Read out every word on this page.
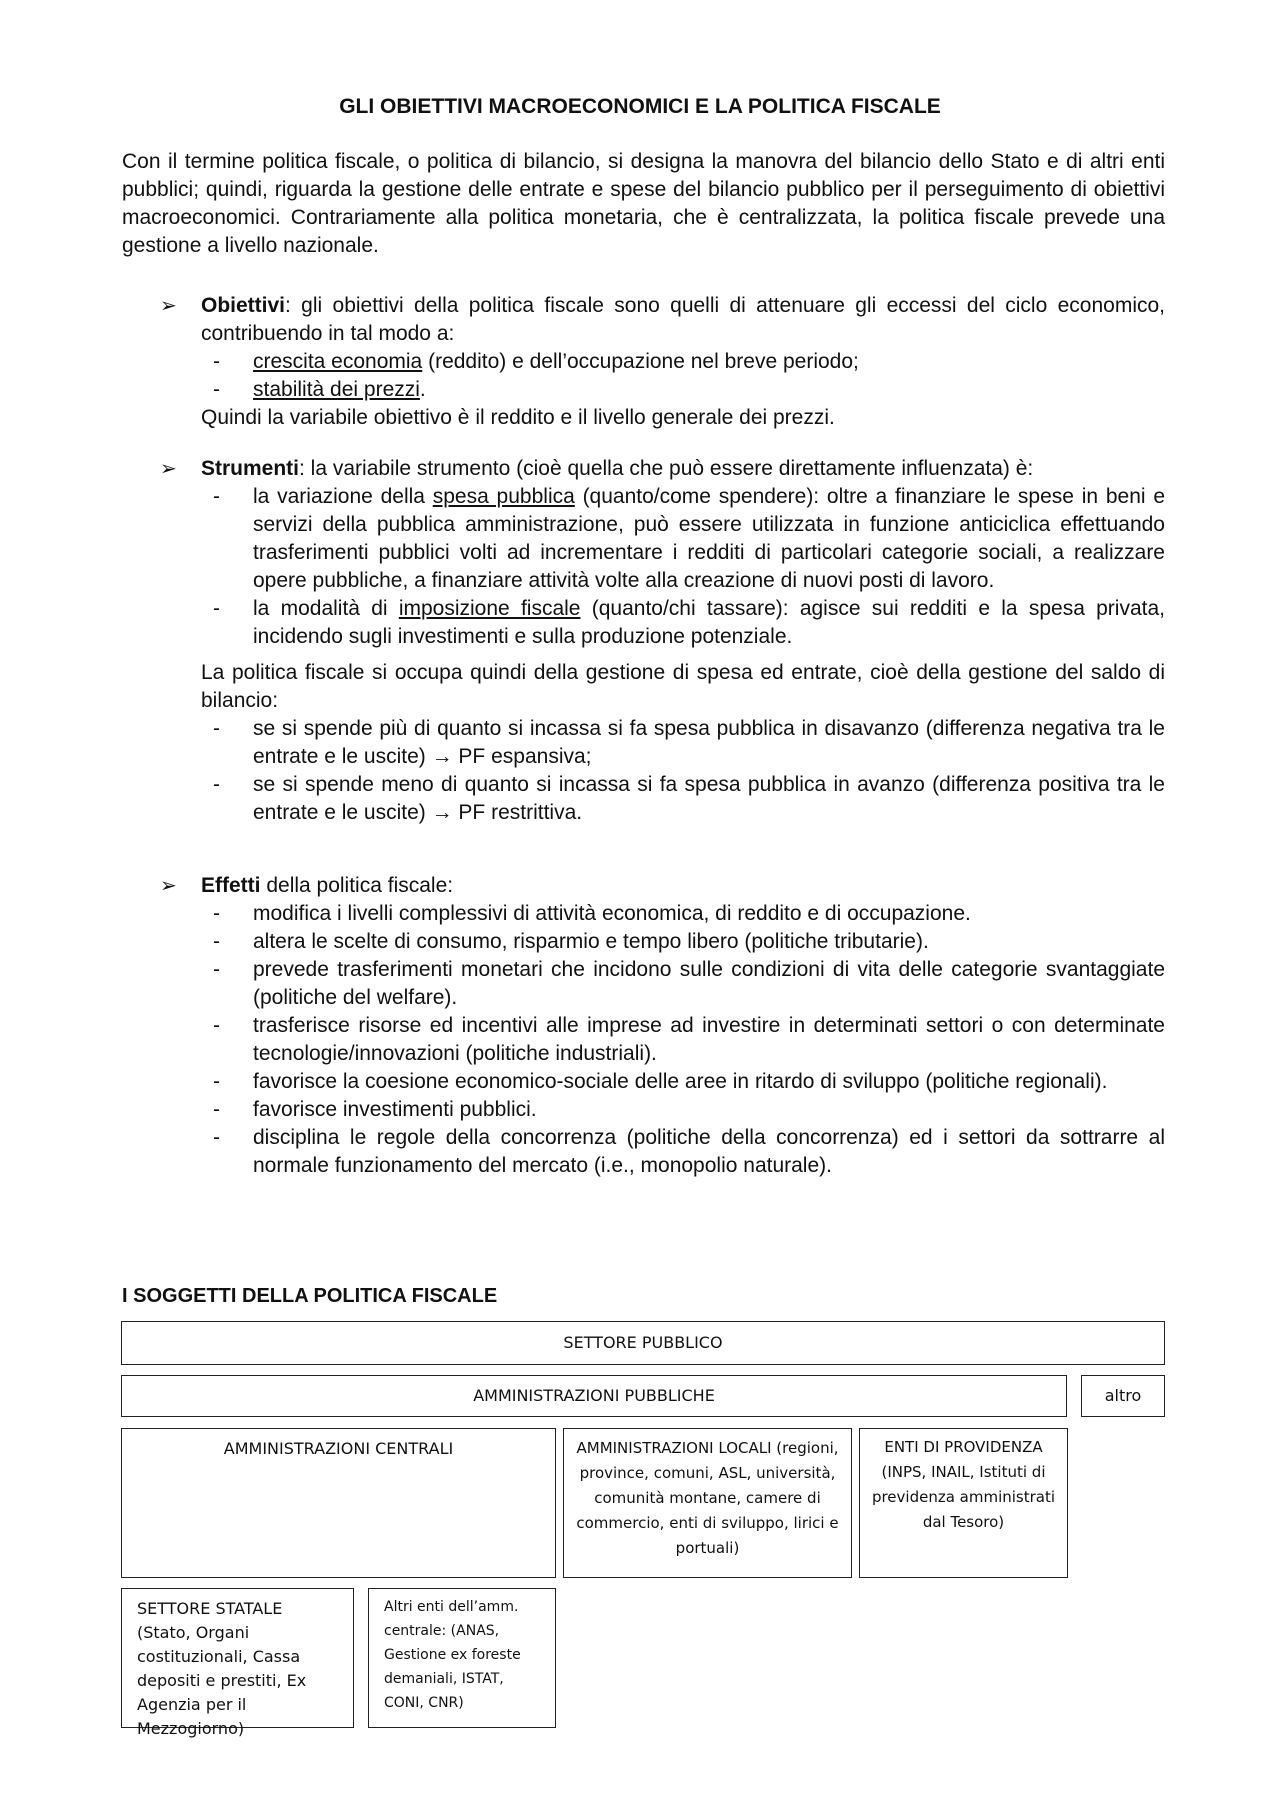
GLI OBIETTIVI MACROECONOMICI E LA POLITICA FISCALE

Con il termine politica fiscale, o politica di bilancio, si designa la manovra del bilancio dello Stato e di altri enti pubblici; quindi, riguarda la gestione delle entrate e spese del bilancio pubblico per il perseguimento di obiettivi macroeconomici. Contrariamente alla politica monetaria, che è centralizzata, la politica fiscale prevede una gestione a livello nazionale.

➢ Obiettivi: gli obiettivi della politica fiscale sono quelli di attenuare gli eccessi del ciclo economico, contribuendo in tal modo a:

- crescita economia (reddito) e dell’occupazione nel breve periodo;

- stabilità dei prezzi.

Quindi la variabile obiettivo è il reddito e il livello generale dei prezzi.

➢ Strumenti: la variabile strumento (cioè quella che può essere direttamente influenzata) è:

- la variazione della spesa pubblica (quanto/come spendere): oltre a finanziare le spese in beni e servizi della pubblica amministrazione, può essere utilizzata in funzione anticiclica effettuando trasferimenti pubblici volti ad incrementare i redditi di particolari categorie sociali, a realizzare opere pubbliche, a finanziare attività volte alla creazione di nuovi posti di lavoro.

- la modalità di imposizione fiscale (quanto/chi tassare): agisce sui redditi e la spesa privata, incidendo sugli investimenti e sulla produzione potenziale.

La politica fiscale si occupa quindi della gestione di spesa ed entrate, cioè della gestione del saldo di bilancio:

- se si spende più di quanto si incassa si fa spesa pubblica in disavanzo (differenza negativa tra le entrate e le uscite) → PF espansiva;

- se si spende meno di quanto si incassa si fa spesa pubblica in avanzo (differenza positiva tra le entrate e le uscite) → PF restrittiva.

➢ Effetti della politica fiscale:

- modifica i livelli complessivi di attività economica, di reddito e di occupazione.

- altera le scelte di consumo, risparmio e tempo libero (politiche tributarie).

- prevede trasferimenti monetari che incidono sulle condizioni di vita delle categorie svantaggiate (politiche del welfare).

- trasferisce risorse ed incentivi alle imprese ad investire in determinati settori o con determinate tecnologie/innovazioni (politiche industriali).

- favorisce la coesione economico-sociale delle aree in ritardo di sviluppo (politiche regionali).

- favorisce investimenti pubblici.

- disciplina le regole della concorrenza (politiche della concorrenza) ed i settori da sottrarre al normale funzionamento del mercato (i.e., monopolio naturale).

I SOGGETTI DELLA POLITICA FISCALE
SETTORE PUBBLICO
AMMINISTRAZIONI PUBBLICHE	altro
AMMINISTRAZIONI CENTRALI	AMMINISTRAZIONI LOCALI (regioni, province, comuni, ASL, università, comunità montane, camere di commercio, enti di sviluppo, lirici e portuali)
ENTI DI PROVIDENZA (INPS, INAIL, Istituti di previdenza amministrati dal Tesoro)
SETTORE STATALE (Stato, Organi costituzionali, Cassa depositi e prestiti, Ex Agenzia per il Mezzogiorno)
Altri enti dell’amm. centrale: (ANAS, Gestione ex foreste demaniali, ISTAT, CONI, CNR)
